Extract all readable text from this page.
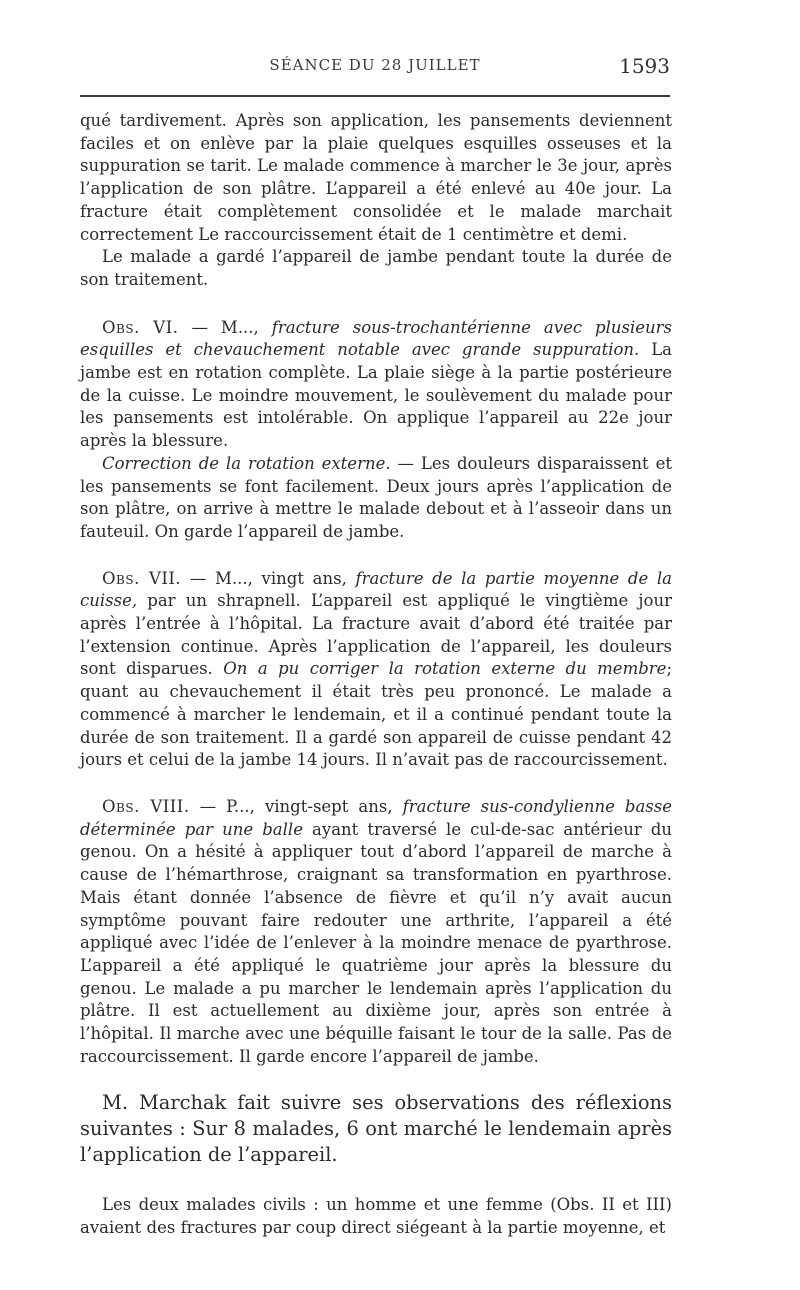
SÉANCE DU 28 JUILLET	1593

qué tardivement. Après son application, les pansements deviennent faciles et on enlève par la plaie quelques esquilles osseuses et la suppuration se tarit. Le malade commence à marcher le 3e jour, après l’application de son plâtre. L’appareil a été enlevé au 40e jour. La fracture était complètement consolidée et le malade marchait correctement Le raccourcissement était de 1 centimètre et demi.

Le malade a gardé l’appareil de jambe pendant toute la durée de son traitement.

Obs. VI. — M..., fracture sous-trochantérienne avec plusieurs esquilles et chevauchement notable avec grande suppuration. La jambe est en rotation complète. La plaie siège à la partie postérieure de la cuisse. Le moindre mouvement, le soulèvement du malade pour les pansements est intolérable. On applique l’appareil au 22e jour après la blessure.

Correction de la rotation externe. — Les douleurs disparaissent et les pansements se font facilement. Deux jours après l’application de son plâtre, on arrive à mettre le malade debout et à l’asseoir dans un fauteuil. On garde l’appareil de jambe.

Obs. VII. — M..., vingt ans, fracture de la partie moyenne de la cuisse, par un shrapnell. L’appareil est appliqué le vingtième jour après l’entrée à l’hôpital. La fracture avait d’abord été traitée par l’extension continue. Après l’application de l’appareil, les douleurs sont disparues. On a pu corriger la rotation externe du membre; quant au chevauchement il était très peu prononcé. Le malade a commencé à marcher le lendemain, et il a continué pendant toute la durée de son traitement. Il a gardé son appareil de cuisse pendant 42 jours et celui de la jambe 14 jours. Il n’avait pas de raccourcissement.

Obs. VIII. — P..., vingt-sept ans, fracture sus-condylienne basse déterminée par une balle ayant traversé le cul-de-sac antérieur du genou. On a hésité à appliquer tout d’abord l’appareil de marche à cause de l’hémarthrose, craignant sa transformation en pyarthrose. Mais étant donnée l’absence de fièvre et qu’il n’y avait aucun symptôme pouvant faire redouter une arthrite, l’appareil a été appliqué avec l’idée de l’enlever à la moindre menace de pyarthrose. L’appareil a été appliqué le quatrième jour après la blessure du genou. Le malade a pu marcher le lendemain après l’application du plâtre. Il est actuellement au dixième jour, après son entrée à l’hôpital. Il marche avec une béquille faisant le tour de la salle. Pas de raccourcissement. Il garde encore l’appareil de jambe.

M. Marchak fait suivre ses observations des réflexions suivantes : Sur 8 malades, 6 ont marché le lendemain après l’application de l’appareil.

Les deux malades civils : un homme et une femme (Obs. II et III) avaient des fractures par coup direct siégeant à la partie moyenne, et
